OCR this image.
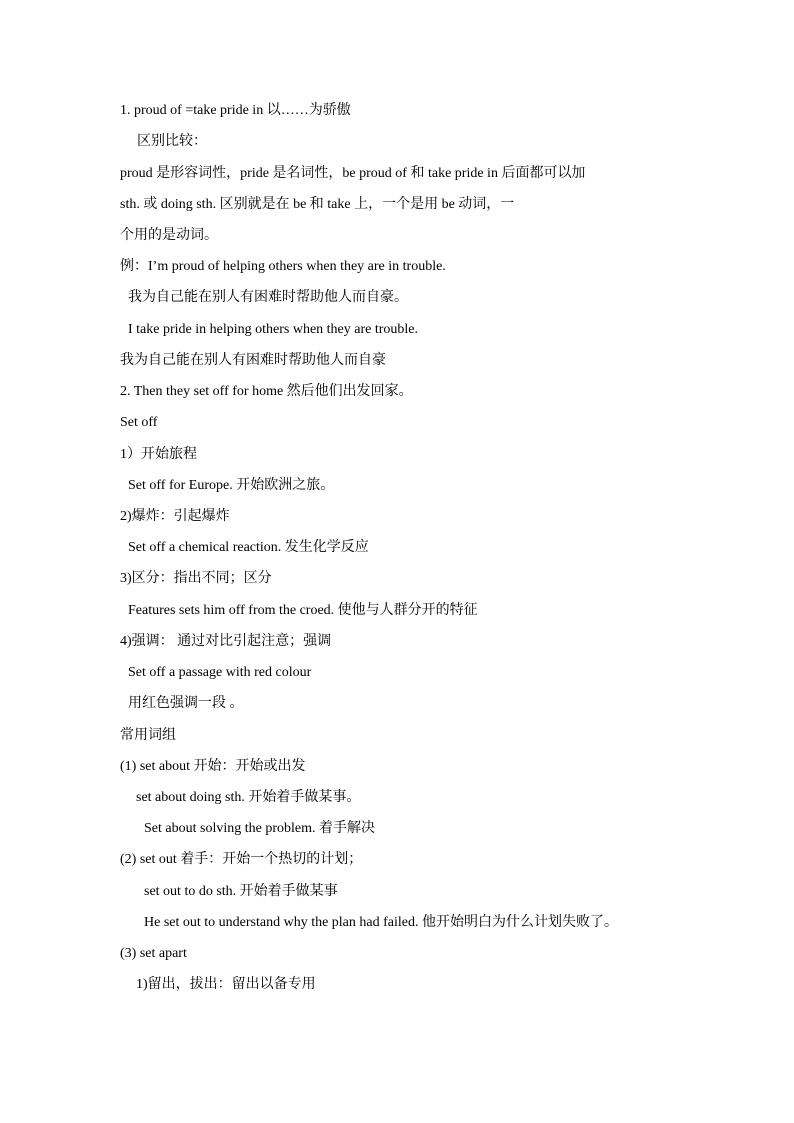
1. proud of =take pride in 以……为骄傲
区别比较：
proud 是形容词性，pride 是名词性，be proud of 和 take pride in 后面都可以加
sth. 或 doing sth. 区别就是在 be 和 take 上，一个是用 be 动词，一
个用的是动词。
例：I’m proud of helping others when they are in trouble.
我为自己能在别人有困难时帮助他人而自豪。
I take pride in helping others when they are trouble.
我为自己能在别人有困难时帮助他人而自豪
2. Then they set off for home 然后他们出发回家。
Set off
1）开始旅程
Set off for Europe. 开始欧洲之旅。
2)爆炸：引起爆炸
Set off a chemical reaction. 发生化学反应
3)区分：指出不同；区分
Features sets him off from the croed. 使他与人群分开的特征
4)强调： 通过对比引起注意；强调
Set off a passage with red colour
用红色强调一段 。
常用词组
(1) set about 开始：开始或出发
set about doing sth. 开始着手做某事。
Set about solving the problem. 着手解决
(2) set out 着手：开始一个热切的计划；
set out to do sth. 开始着手做某事
He set out to understand why the plan had failed. 他开始明白为什么计划失败了。
(3) set apart
1)留出，拔出：留出以备专用
